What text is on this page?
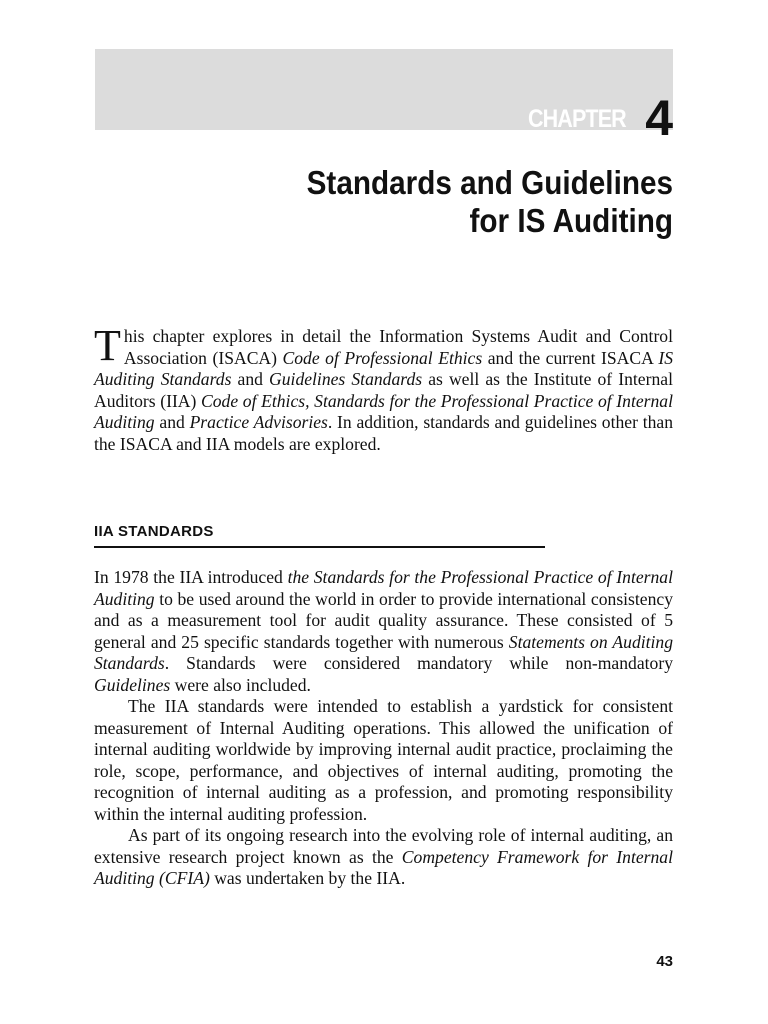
CHAPTER 4
Standards and Guidelines
for IS Auditing

This chapter explores in detail the Information Systems Audit and Control Association (ISACA) Code of Professional Ethics and the current ISACA IS Auditing Standards and Guidelines Standards as well as the Institute of Internal Auditors (IIA) Code of Ethics, Standards for the Professional Practice of Internal Auditing and Practice Advisories. In addition, standards and guidelines other than the ISACA and IIA models are explored.

IIA STANDARDS

In 1978 the IIA introduced the Standards for the Professional Practice of Internal Auditing to be used around the world in order to provide international consistency and as a measurement tool for audit quality assurance. These consisted of 5 general and 25 specific standards together with numerous Statements on Auditing Standards. Standards were considered mandatory while non-mandatory Guidelines were also included.

The IIA standards were intended to establish a yardstick for consistent measurement of Internal Auditing operations. This allowed the unification of internal auditing worldwide by improving internal audit practice, proclaiming the role, scope, performance, and objectives of internal auditing, promoting the recognition of internal auditing as a profession, and promoting responsibility within the internal auditing profession.

As part of its ongoing research into the evolving role of internal auditing, an extensive research project known as the Competency Framework for Internal Auditing (CFIA) was undertaken by the IIA.

43
